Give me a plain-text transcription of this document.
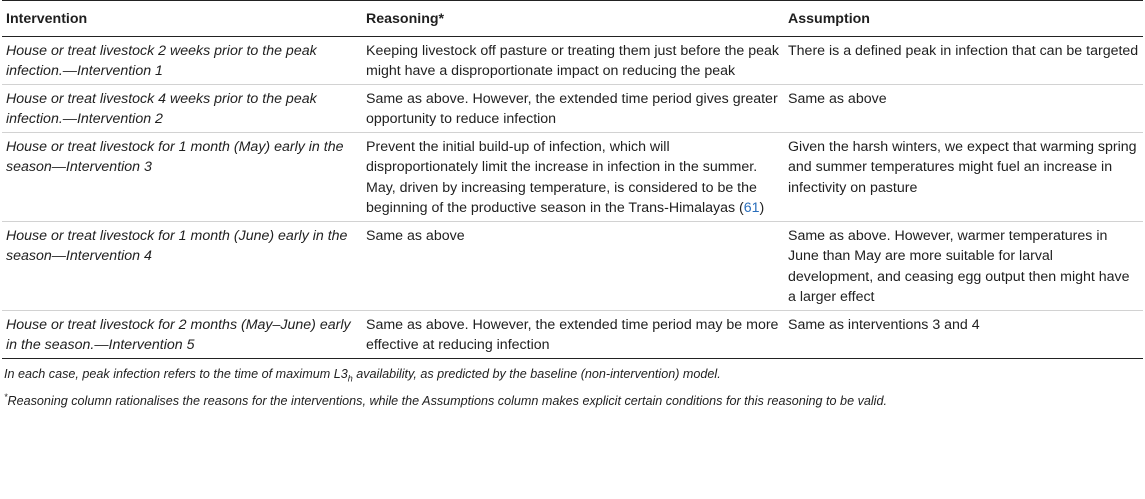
Intervention	Reasoning*	Assumption
House or treat livestock 2 weeks prior to the peak infection.—Intervention 1	Keeping livestock off pasture or treating them just before the peak might have a disproportionate impact on reducing the peak	There is a defined peak in infection that can be targeted
House or treat livestock 4 weeks prior to the peak infection.—Intervention 2	Same as above. However, the extended time period gives greater opportunity to reduce infection	Same as above
House or treat livestock for 1 month (May) early in the season—Intervention 3	Prevent the initial build-up of infection, which will disproportionately limit the increase in infection in the summer. May, driven by increasing temperature, is considered to be the beginning of the productive season in the Trans-Himalayas (61)	Given the harsh winters, we expect that warming spring and summer temperatures might fuel an increase in infectivity on pasture
House or treat livestock for 1 month (June) early in the season—Intervention 4	Same as above	Same as above. However, warmer temperatures in June than May are more suitable for larval development, and ceasing egg output then might have a larger effect
House or treat livestock for 2 months (May–June) early in the season.—Intervention 5	Same as above. However, the extended time period may be more effective at reducing infection	Same as interventions 3 and 4
In each case, peak infection refers to the time of maximum $L3_h$ availability, as predicted by the baseline (non-intervention) model.
*Reasoning column rationalises the reasons for the interventions, while the Assumptions column makes explicit certain conditions for this reasoning to be valid.
